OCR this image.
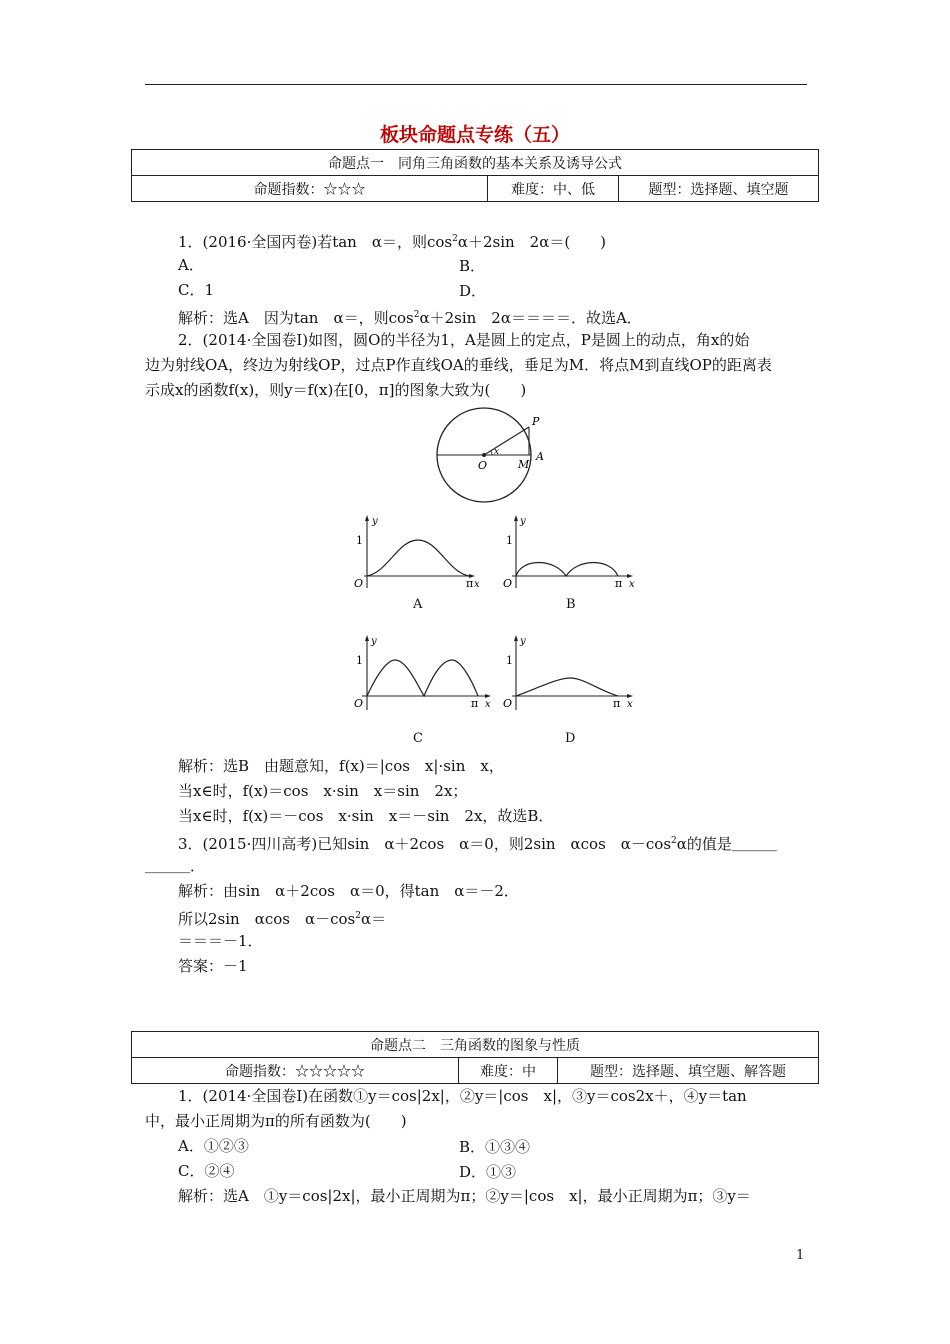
板块命题点专练（五）
命题点一　同角三角函数的基本关系及诱导公式
命题指数：☆☆☆	难度：中、低	题型：选择题、填空题
1．(2016·全国丙卷)若tan　α＝，则$\cos^2\alpha+2\sin$　2α＝(　　)
A．	B．
C．1	D．
解析：选A　因为tan　α＝，则$\cos^2\alpha+2\sin$　2α＝＝＝＝．故选A．
2．(2014·全国卷Ⅰ)如图，圆O的半径为1，A是圆上的定点，P是圆上的动点，角x的始
边为射线OA，终边为射线OP，过点P作直线OA的垂线，垂足为M．将点M到直线OP的距离表
示成x的函数f(x)，则y＝f(x)在[0，π]的图象大致为(　　)
P
O	M
A
x
y
1
O	π x
A
y
1
O	π x
B
y
1
O	π x
C
y
1
O	π x
D
解析：选B　由题意知，f(x)＝|cos　x|·sin　x，
当x∈时，f(x)＝cos　x·sin　x＝sin　2x；
当x∈时，f(x)＝－cos　x·sin　x＝－sin　2x，故选B．
3．(2015·四川高考)已知sin　α＋2cos　α＝0，则2sin　αcos　$\alpha-\cos^2\alpha$的值是＿＿＿
＿＿＿．
解析：由sin　α＋2cos　α＝0，得tan　α＝－2．
所以2sin　αcos　$\alpha-\cos^2\alpha=$
＝＝＝－1．
答案：－1
命题点二　三角函数的图象与性质
命题指数：☆☆☆☆☆	难度：中	题型：选择题、填空题、解答题
1．(2014·全国卷Ⅰ)在函数①y＝cos|2x|，②y＝|cos　x|，③y＝cos2x＋，④y＝tan
中，最小正周期为π的所有函数为(　　)
A．①②③	B．①③④
C．②④	D．①③
解析：选A　①y＝cos|2x|，最小正周期为π；②y＝|cos　x|，最小正周期为π；③y＝
1
